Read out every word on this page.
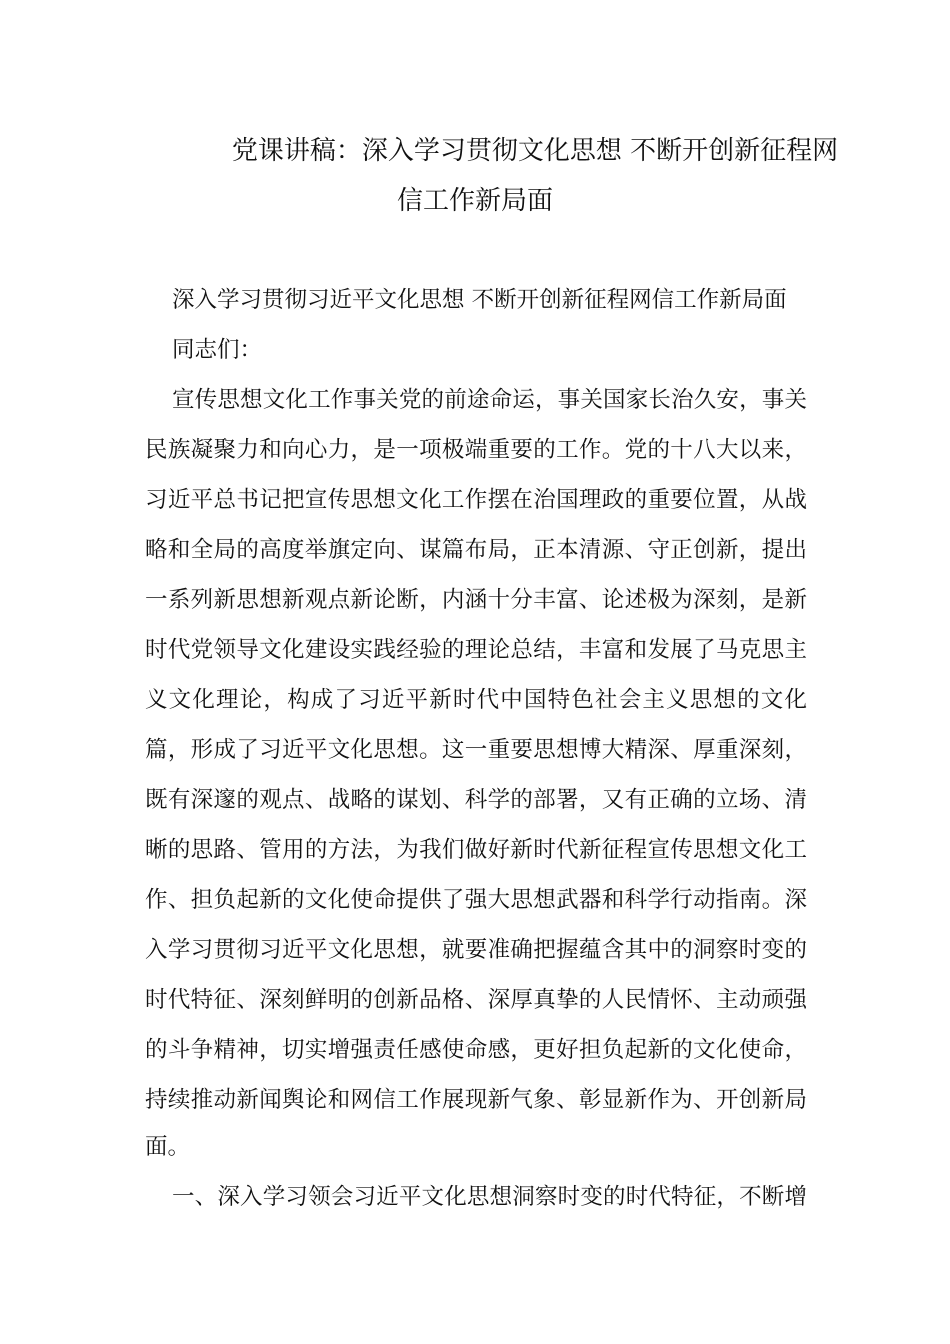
党课讲稿：深入学习贯彻文化思想 不断开创新征程网
信工作新局面
深入学习贯彻习近平文化思想 不断开创新征程网信工作新局面
同志们：
宣传思想文化工作事关党的前途命运，事关国家长治久安，事关
民族凝聚力和向心力，是一项极端重要的工作。党的十八大以来，
习近平总书记把宣传思想文化工作摆在治国理政的重要位置，从战
略和全局的高度举旗定向、谋篇布局，正本清源、守正创新，提出
一系列新思想新观点新论断，内涵十分丰富、论述极为深刻，是新
时代党领导文化建设实践经验的理论总结，丰富和发展了马克思主
义文化理论，构成了习近平新时代中国特色社会主义思想的文化
篇，形成了习近平文化思想。这一重要思想博大精深、厚重深刻，
既有深邃的观点、战略的谋划、科学的部署，又有正确的立场、清
晰的思路、管用的方法，为我们做好新时代新征程宣传思想文化工
作、担负起新的文化使命提供了强大思想武器和科学行动指南。深
入学习贯彻习近平文化思想，就要准确把握蕴含其中的洞察时变的
时代特征、深刻鲜明的创新品格、深厚真挚的人民情怀、主动顽强
的斗争精神，切实增强责任感使命感，更好担负起新的文化使命，
持续推动新闻舆论和网信工作展现新气象、彰显新作为、开创新局
面。
一、深入学习领会习近平文化思想洞察时变的时代特征，不断增
